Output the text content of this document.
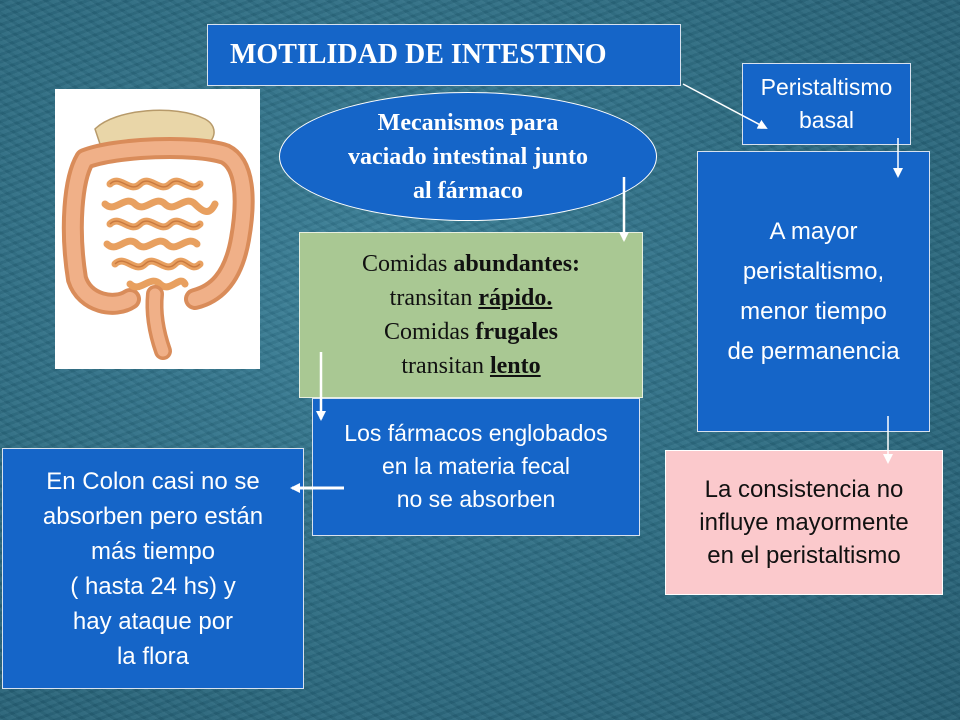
MOTILIDAD DE INTESTINO
Mecanismos para
vaciado intestinal junto
al fármaco
Peristaltismo
basal
A mayor
peristaltismo,
menor tiempo
de permanencia
La consistencia no
influye mayormente
en el peristaltismo
Comidas abundantes:
transitan rápido.
Comidas frugales
transitan lento
Los fármacos englobados
en la materia fecal
no se absorben
En Colon casi no se
absorben pero están
más tiempo
( hasta 24 hs) y
hay ataque por
la flora
